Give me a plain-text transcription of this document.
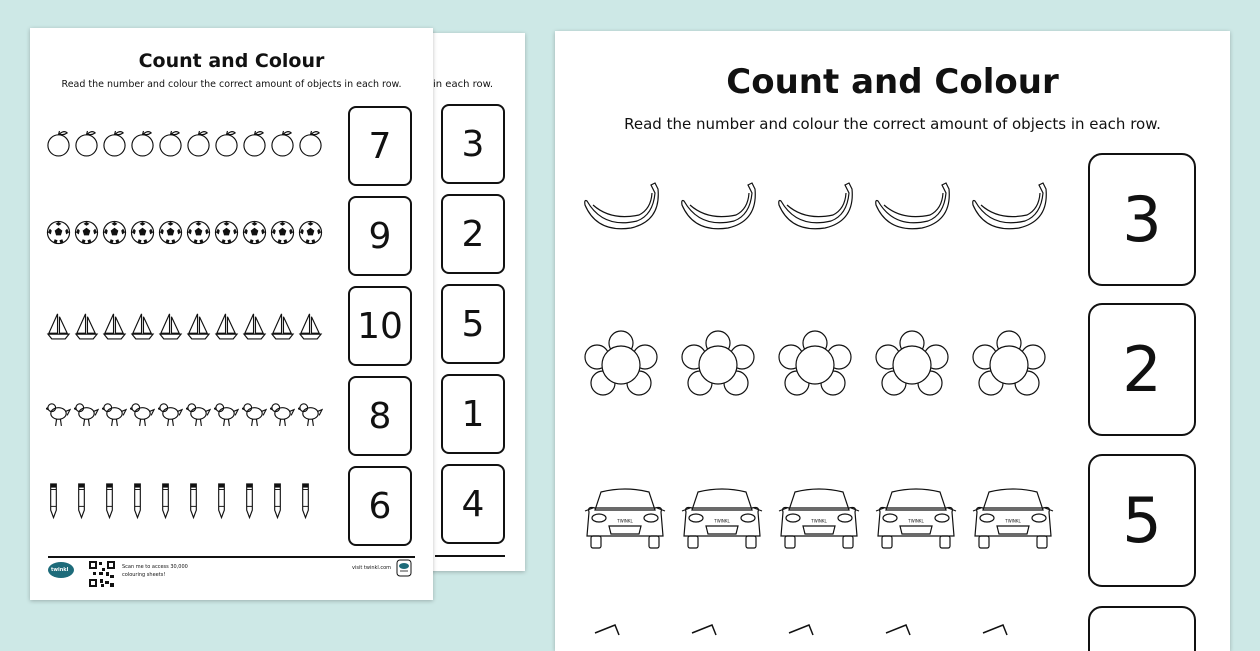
in each row.
3
2
5
1
4
Count and Colour
Read the number and colour the correct amount of objects in each row.
7
9
10
8
6
twinkl	Scan me to access 30,000
colouring sheets!
visit twinkl.com
Count and Colour
Read the number and colour the correct amount of objects in each row.
TWINKL	TWINKL	TWINKL	TWINKL	TWINKL
3
2
5
